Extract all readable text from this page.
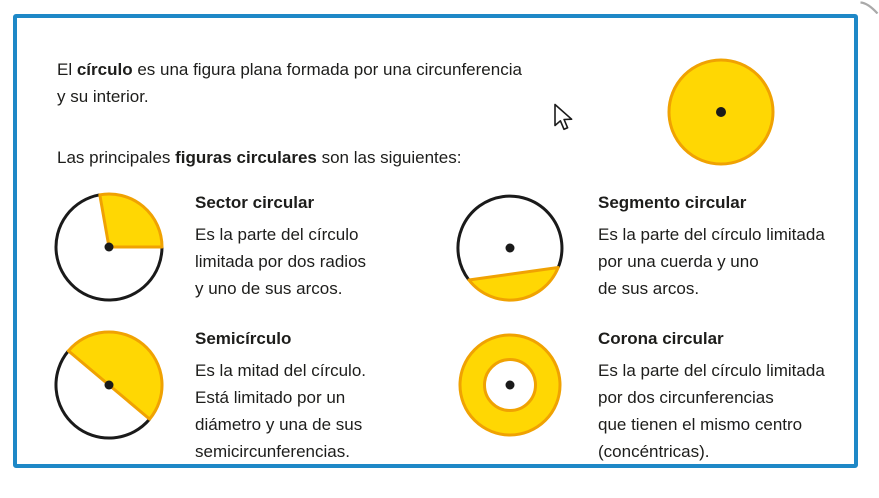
El círculo es una figura plana formada por una circunferencia
y su interior.
Las principales figuras circulares son las siguientes:
Sector circular
Es la parte del círculo
limitada por dos radios
y uno de sus arcos.
Segmento circular
Es la parte del círculo limitada
por una cuerda y uno
de sus arcos.
Semicírculo
Es la mitad del círculo.
Está limitado por un
diámetro y una de sus
semicircunferencias.
Corona circular
Es la parte del círculo limitada
por dos circunferencias
que tienen el mismo centro
(concéntricas).
